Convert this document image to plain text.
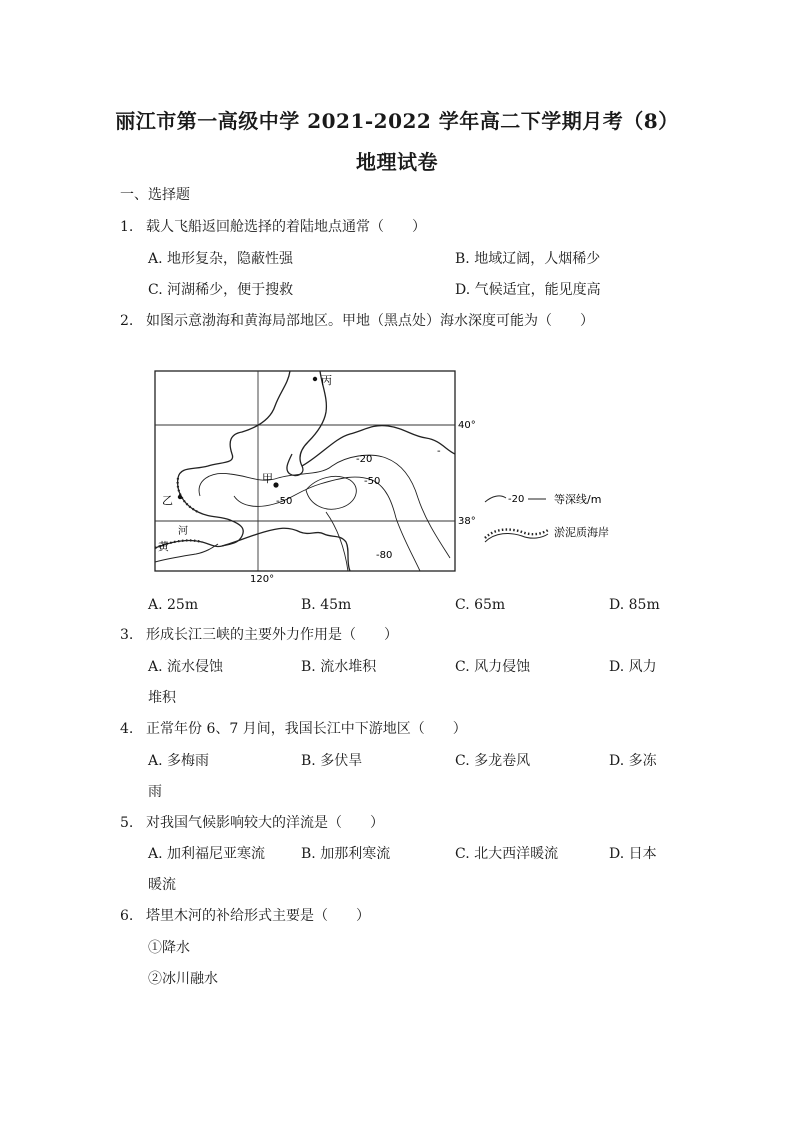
丽江市第一高级中学 2021-2022 学年高二下学期月考（8）
地理试卷
一、选择题
1. 载人飞船返回舱选择的着陆地点通常（　　）
A. 地形复杂，隐蔽性强	B. 地域辽阔，人烟稀少
C. 河湖稀少，便于搜救	D. 气候适宜，能见度高
2. 如图示意渤海和黄海局部地区。甲地（黑点处）海水深度可能为（　　）
丙
甲
乙
黄
河
40°
38°
120°
-20
-50
-50
-80
-
-20	等深线/m
淤泥质海岸
A. 25m	B. 45m	C. 65m	D. 85m
3. 形成长江三峡的主要外力作用是（　　）
A. 流水侵蚀	B. 流水堆积	C. 风力侵蚀	D. 风力
堆积
4. 正常年份 6、7 月间，我国长江中下游地区（　　）
A. 多梅雨	B. 多伏旱	C. 多龙卷风	D. 多冻
雨
5. 对我国气候影响较大的洋流是（　　）
A. 加利福尼亚寒流	B. 加那利寒流	C. 北大西洋暖流	D. 日本
暖流
6. 塔里木河的补给形式主要是（　　）
①降水
②冰川融水
